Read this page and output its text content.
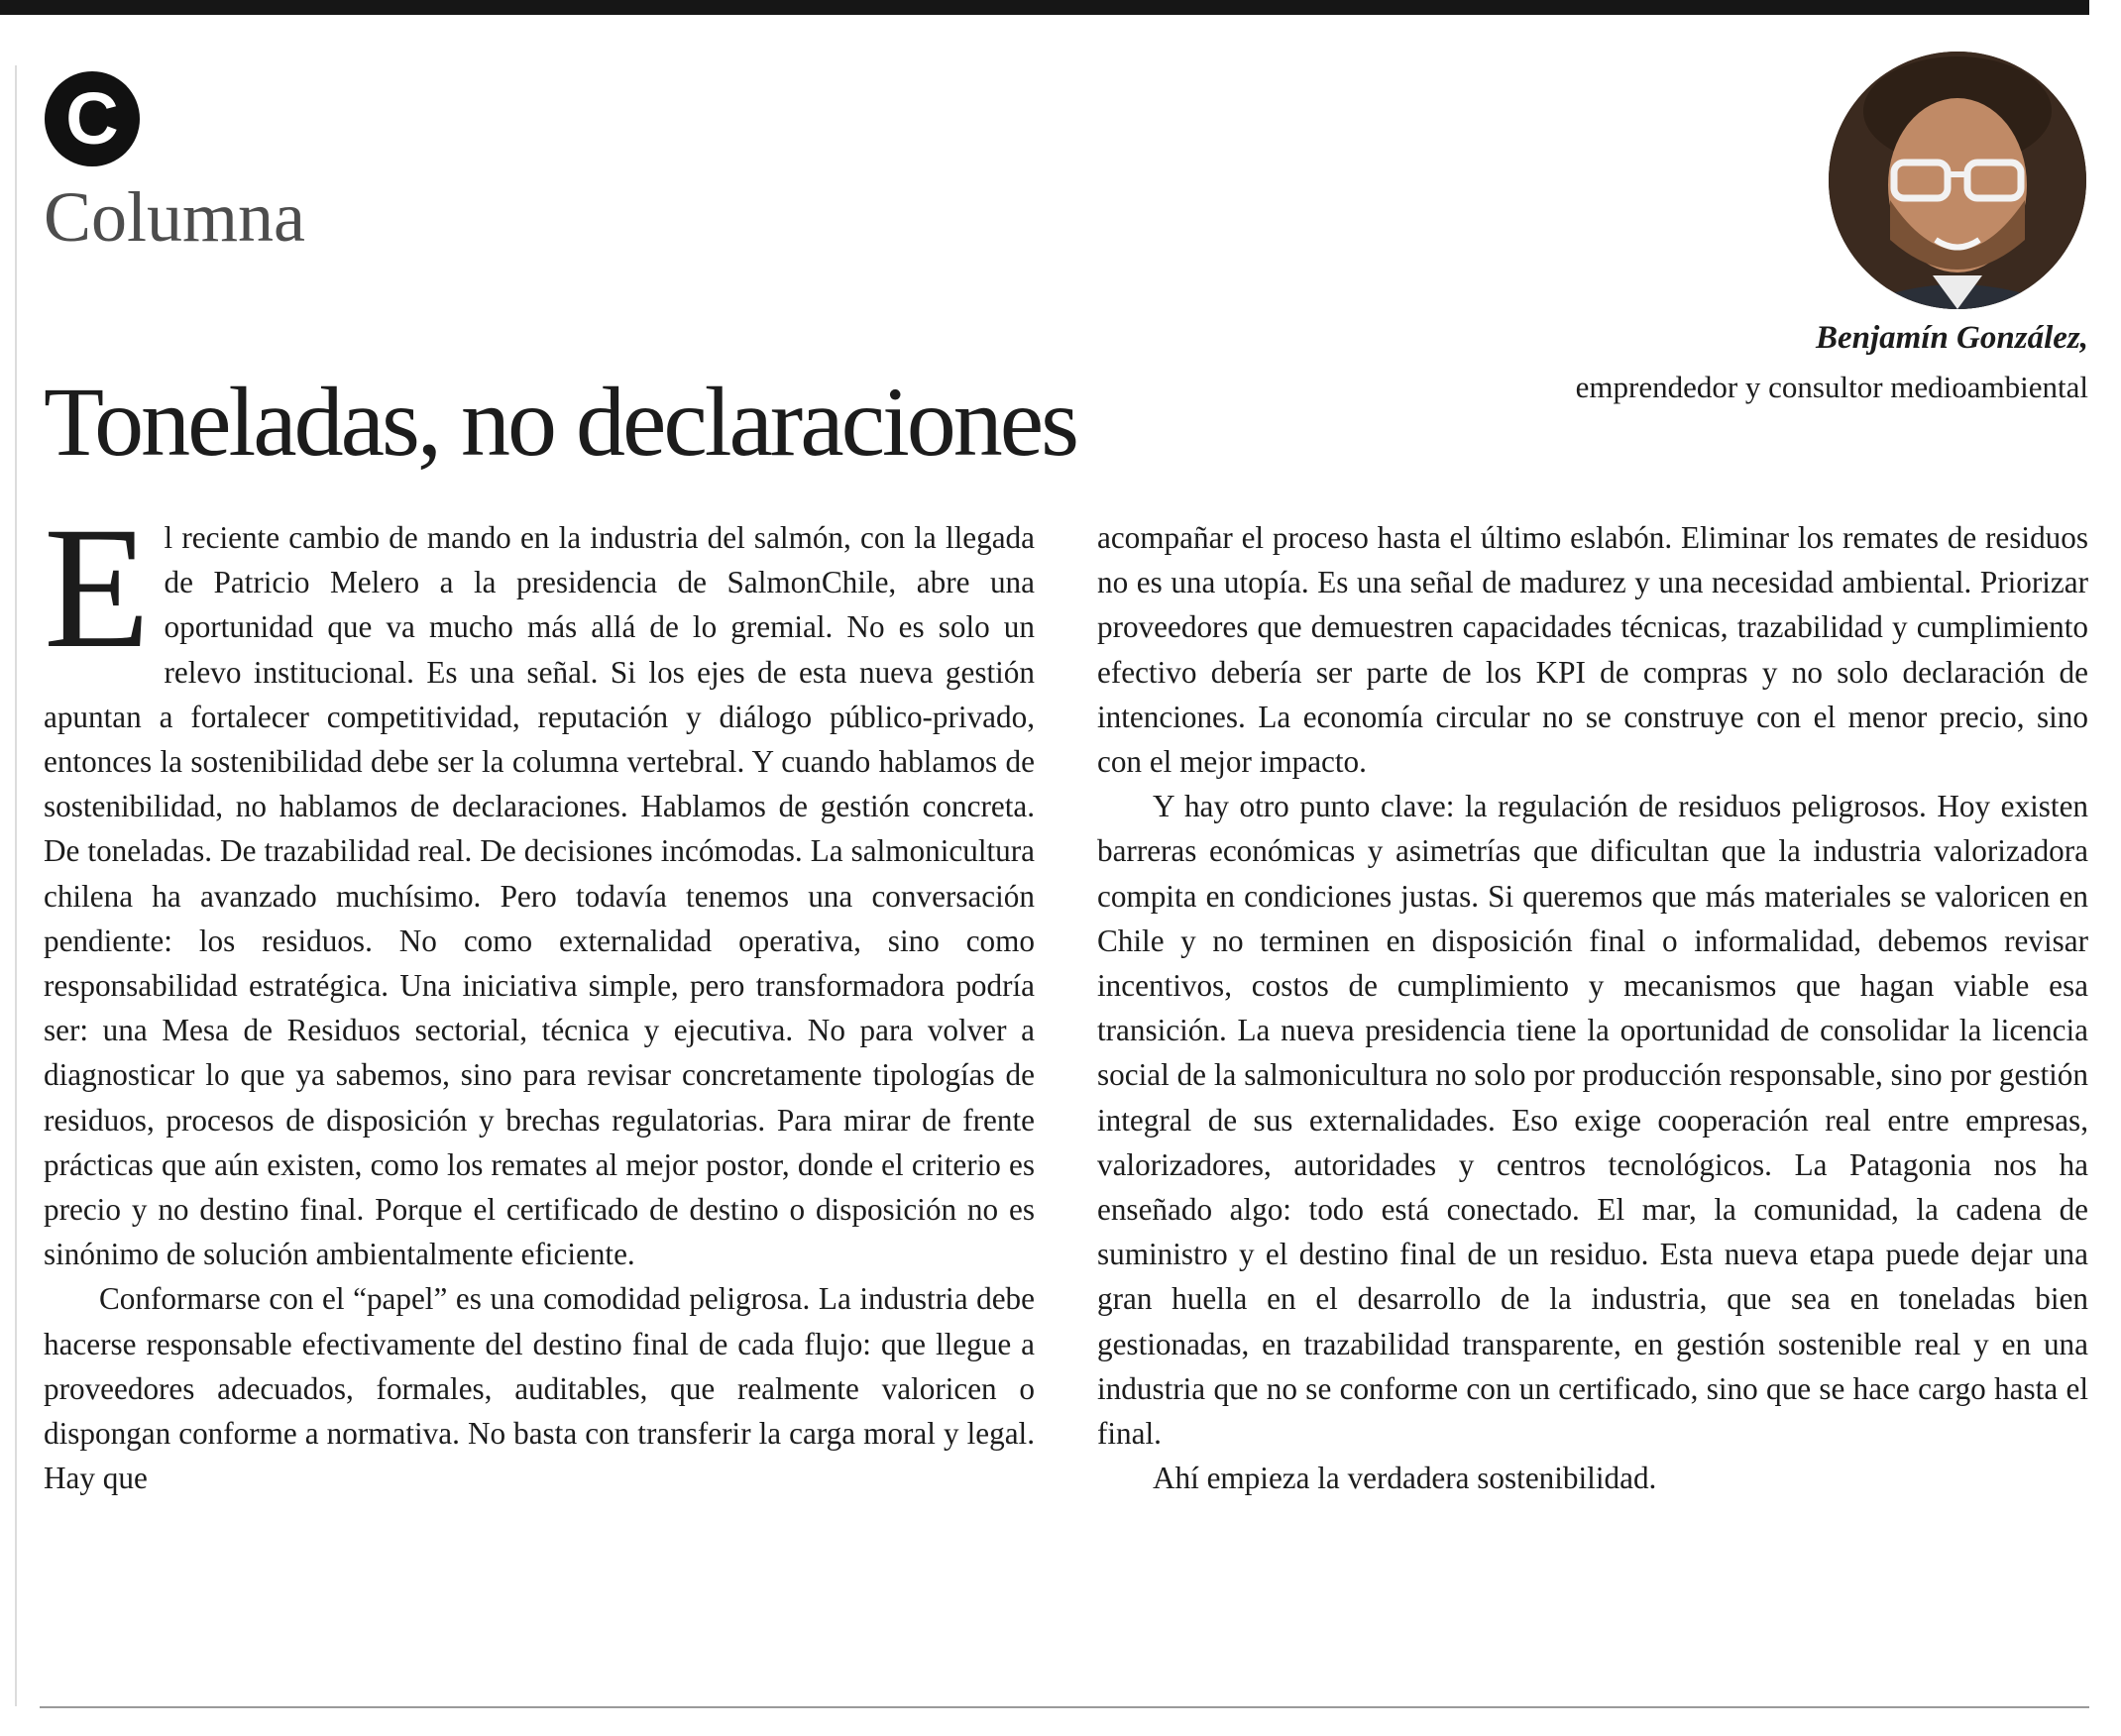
C
Columna
Benjamín González,
emprendedor y consultor medioambiental
Toneladas, no declaraciones

El reciente cambio de mando en la industria del salmón, con la llegada de Patricio Melero a la presidencia de SalmonChile, abre una oportunidad que va mucho más allá de lo gremial. No es solo un relevo institucional. Es una señal. Si los ejes de esta nueva gestión apuntan a fortalecer competitividad, reputación y diálogo público-privado, entonces la sostenibilidad debe ser la columna vertebral. Y cuando hablamos de sostenibilidad, no hablamos de declaraciones. Hablamos de gestión concreta. De toneladas. De trazabilidad real. De decisiones incómodas. La salmonicultura chilena ha avanzado muchísimo. Pero todavía tenemos una conversación pendiente: los residuos. No como externalidad operativa, sino como responsabilidad estratégica. Una iniciativa simple, pero transformadora podría ser: una Mesa de Residuos sectorial, técnica y ejecutiva. No para volver a diagnosticar lo que ya sabemos, sino para revisar concretamente tipologías de residuos, procesos de disposición y brechas regulatorias. Para mirar de frente prácticas que aún existen, como los remates al mejor postor, donde el criterio es precio y no destino final. Porque el certificado de destino o disposición no es sinónimo de solución ambientalmente eficiente.

Conformarse con el “papel” es una comodidad peligrosa. La industria debe hacerse responsable efectivamente del destino final de cada flujo: que llegue a proveedores adecuados, formales, auditables, que realmente valoricen o dispongan conforme a normativa. No basta con transferir la carga moral y legal. Hay que

acompañar el proceso hasta el último eslabón. Eliminar los remates de residuos no es una utopía. Es una señal de madurez y una necesidad ambiental. Priorizar proveedores que demuestren capacidades técnicas, trazabilidad y cumplimiento efectivo debería ser parte de los KPI de compras y no solo declaración de intenciones. La economía circular no se construye con el menor precio, sino con el mejor impacto.

Y hay otro punto clave: la regulación de residuos peligrosos. Hoy existen barreras económicas y asimetrías que dificultan que la industria valorizadora compita en condiciones justas. Si queremos que más materiales se valoricen en Chile y no terminen en disposición final o informalidad, debemos revisar incentivos, costos de cumplimiento y mecanismos que hagan viable esa transición. La nueva presidencia tiene la oportunidad de consolidar la licencia social de la salmonicultura no solo por producción responsable, sino por gestión integral de sus externalidades. Eso exige cooperación real entre empresas, valorizadores, autoridades y centros tecnológicos. La Patagonia nos ha enseñado algo: todo está conectado. El mar, la comunidad, la cadena de suministro y el destino final de un residuo. Esta nueva etapa puede dejar una gran huella en el desarrollo de la industria, que sea en toneladas bien gestionadas, en trazabilidad transparente, en gestión sostenible real y en una industria que no se conforme con un certificado, sino que se hace cargo hasta el final.

Ahí empieza la verdadera sostenibilidad.
